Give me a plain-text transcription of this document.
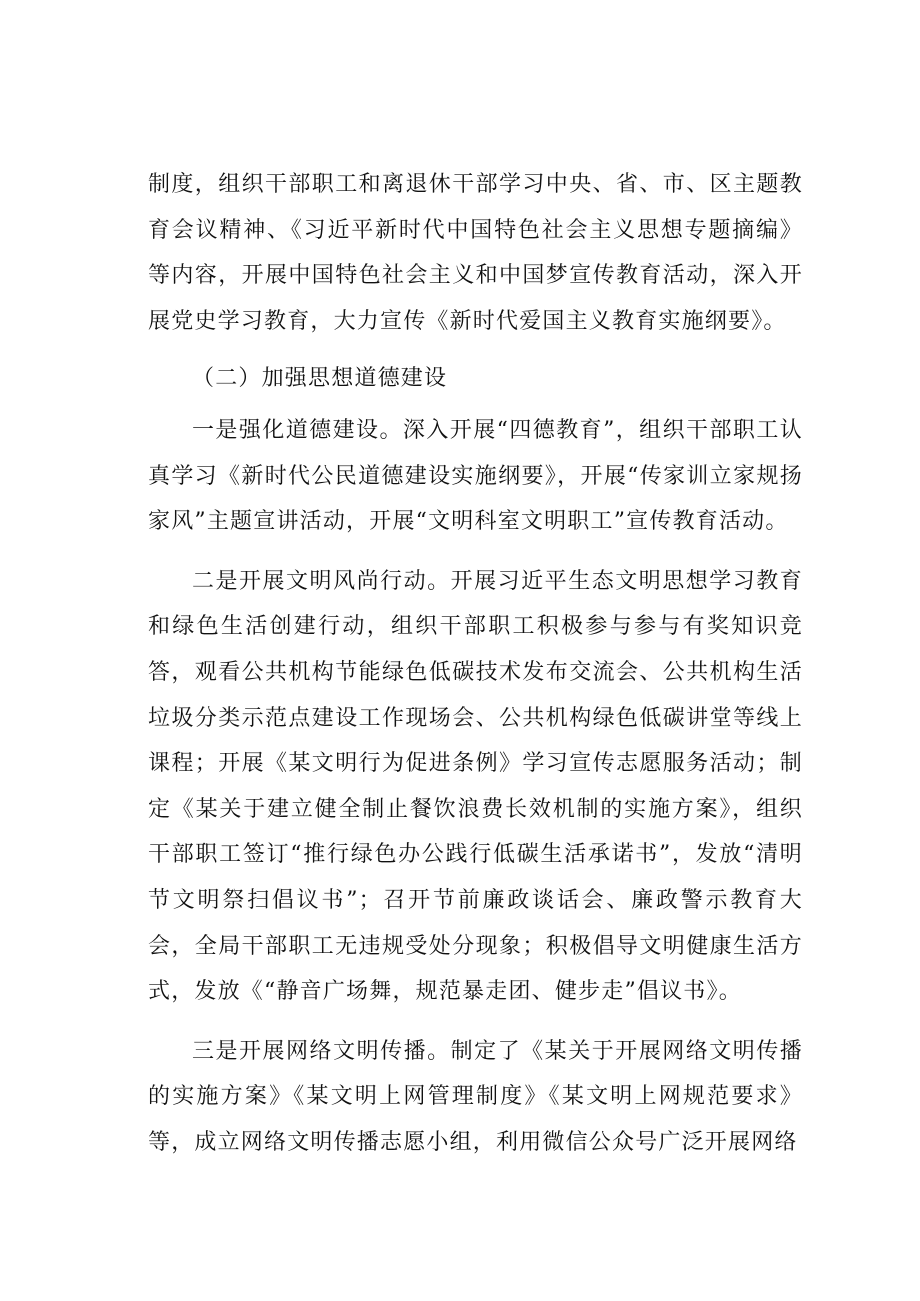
制度，组织干部职工和离退休干部学习中央、省、市、区主题教育会议精神、《习近平新时代中国特色社会主义思想专题摘编》等内容，开展中国特色社会主义和中国梦宣传教育活动，深入开展党史学习教育，大力宣传《新时代爱国主义教育实施纲要》。

（二）加强思想道德建设

一是强化道德建设。深入开展“四德教育”，组织干部职工认真学习《新时代公民道德建设实施纲要》，开展“传家训立家规扬家风”主题宣讲活动，开展“文明科室文明职工”宣传教育活动。

二是开展文明风尚行动。开展习近平生态文明思想学习教育和绿色生活创建行动，组织干部职工积极参与参与有奖知识竞答，观看公共机构节能绿色低碳技术发布交流会、公共机构生活垃圾分类示范点建设工作现场会、公共机构绿色低碳讲堂等线上课程；开展《某文明行为促进条例》学习宣传志愿服务活动；制定《某关于建立健全制止餐饮浪费长效机制的实施方案》，组织干部职工签订“推行绿色办公践行低碳生活承诺书”，发放“清明节文明祭扫倡议书”；召开节前廉政谈话会、廉政警示教育大会，全局干部职工无违规受处分现象；积极倡导文明健康生活方式，发放《“静音广场舞，规范暴走团、健步走”倡议书》。

三是开展网络文明传播。制定了《某关于开展网络文明传播的实施方案》《某文明上网管理制度》《某文明上网规范要求》等，成立网络文明传播志愿小组，利用微信公众号广泛开展网络
